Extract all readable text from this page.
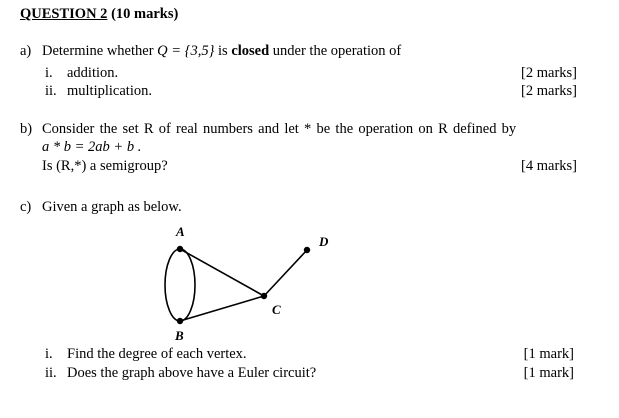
QUESTION 2 (10 marks)
a) Determine whether Q = {3,5} is closed under the operation of
i. addition.	[2 marks]
ii. multiplication.	[2 marks]
b) Consider the set R of real numbers and let * be the operation on R defined by
a * b = 2ab + b .
Is (R,*) a semigroup?	[4 marks]
c) Given a graph as below.
A
B
C
D
i. Find the degree of each vertex.	[1 mark]
ii. Does the graph above have a Euler circuit?	[1 mark]
